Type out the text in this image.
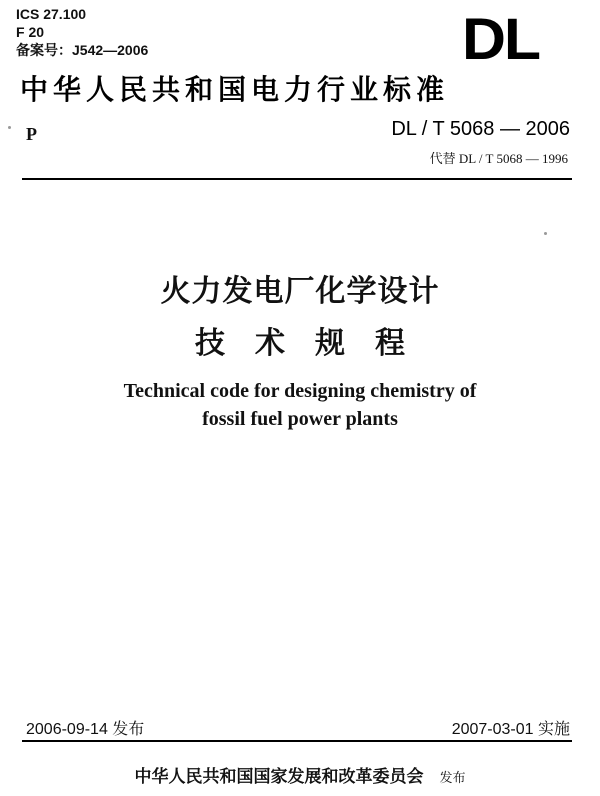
ICS 27.100
F 20
备案号：J542—2006	DL
中华人民共和国电力行业标准
P	DL / T 5068 — 2006
代替 DL / T 5068 — 1996
火力发电厂化学设计
技术规程
Technical code for designing chemistry of
fossil fuel power plants
2006-09-14 发布	2007-03-01 实施
中华人民共和国国家发展和改革委员会 发布
